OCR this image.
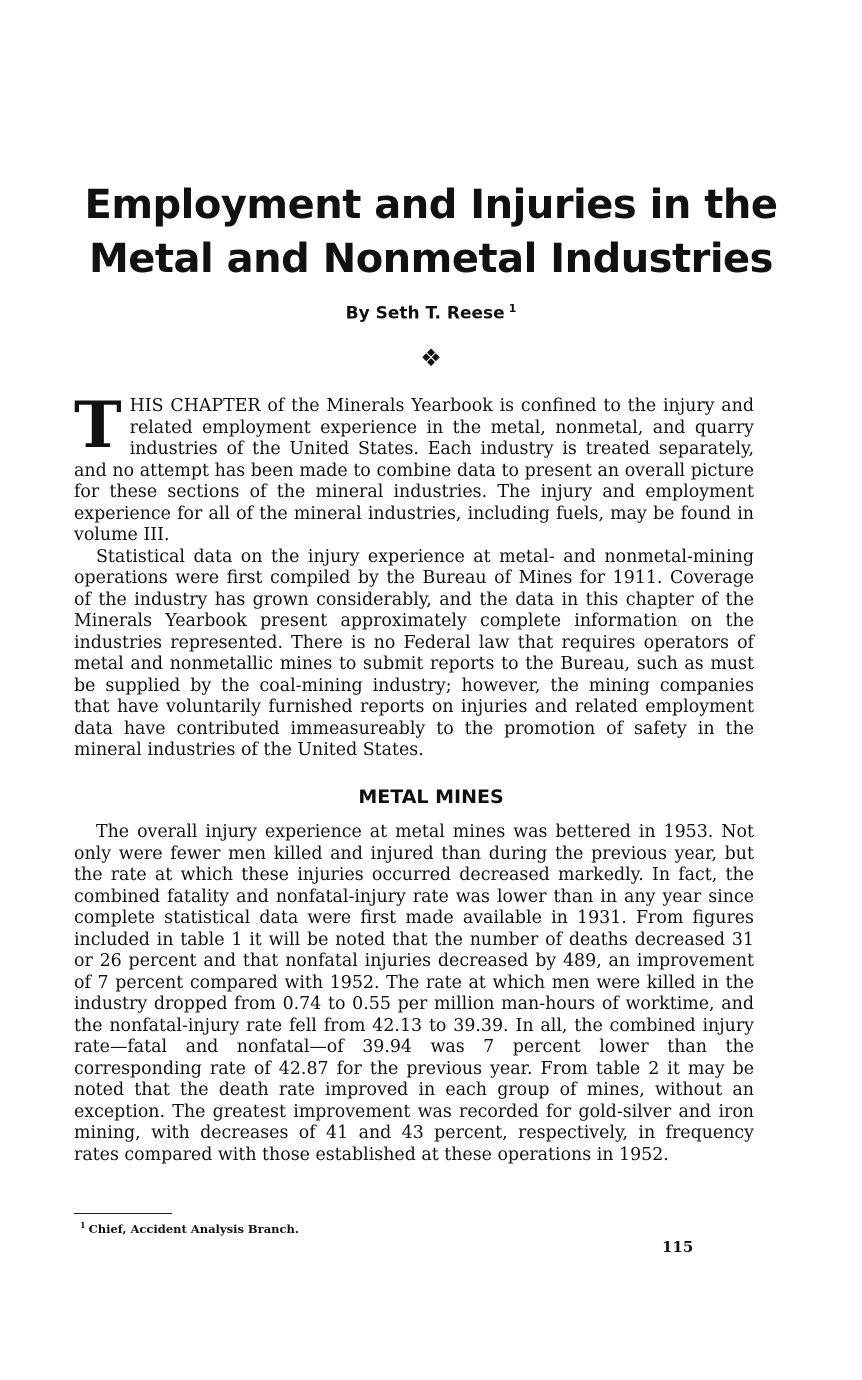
Employment and Injuries in the Metal and Nonmetal Industries
By Seth T. Reese $^1$
❖

THIS CHAPTER of the Minerals Yearbook is confined to the injury and related employment experience in the metal, nonmetal, and quarry industries of the United States. Each industry is treated separately, and no attempt has been made to combine data to present an overall picture for these sections of the mineral industries. The injury and employment experience for all of the mineral industries, including fuels, may be found in volume III.

Statistical data on the injury experience at metal- and nonmetal-mining operations were first compiled by the Bureau of Mines for 1911. Coverage of the industry has grown considerably, and the data in this chapter of the Minerals Yearbook present approximately complete information on the industries represented. There is no Federal law that requires operators of metal and nonmetallic mines to submit reports to the Bureau, such as must be supplied by the coal-mining industry; however, the mining companies that have voluntarily furnished reports on injuries and related employment data have contributed immeasureably to the promotion of safety in the mineral industries of the United States.

METAL MINES

The overall injury experience at metal mines was bettered in 1953. Not only were fewer men killed and injured than during the previous year, but the rate at which these injuries occurred decreased markedly. In fact, the combined fatality and nonfatal-injury rate was lower than in any year since complete statistical data were first made available in 1931. From figures included in table 1 it will be noted that the number of deaths decreased 31 or 26 percent and that nonfatal injuries decreased by 489, an improvement of 7 percent compared with 1952. The rate at which men were killed in the industry dropped from 0.74 to 0.55 per million man-hours of worktime, and the nonfatal-injury rate fell from 42.13 to 39.39. In all, the combined injury rate—fatal and nonfatal—of 39.94 was 7 percent lower than the corresponding rate of 42.87 for the previous year. From table 2 it may be noted that the death rate improved in each group of mines, without an exception. The greatest improvement was recorded for gold-silver and iron mining, with decreases of 41 and 43 percent, respectively, in frequency rates compared with those established at these operations in 1952.

$^1$ Chief, Accident Analysis Branch.
115
